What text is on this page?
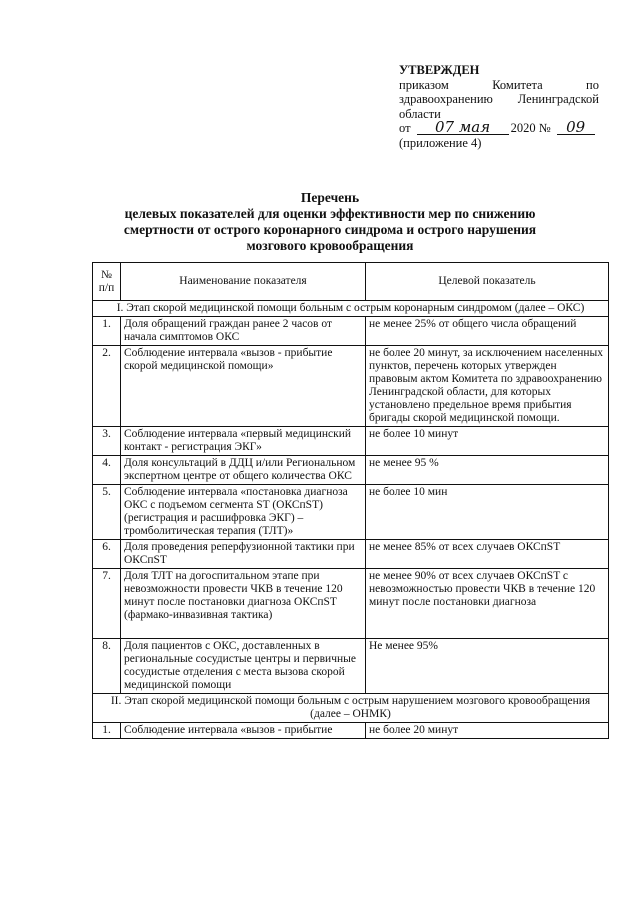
УТВЕРЖДЕН
приказом	Комитета	по
здравоохранению Ленинградской
области
от	07 мая	2020 №	09
(приложение 4)
Перечень
целевых показателей для оценки эффективности мер по снижению
смертности от острого коронарного синдрома и острого нарушения
мозгового кровообращения
№ п/п	Наименование показателя	Целевой показатель
I. Этап скорой медицинской помощи больным с острым коронарным синдромом (далее – ОКС)		
1.	Доля обращений граждан ранее 2 часов от начала симптомов ОКС	не менее 25% от общего числа обращений
2.	Соблюдение интервала «вызов - прибытие скорой медицинской помощи»	не более 20 минут, за исключением населенных пунктов, перечень которых утвержден правовым актом Комитета по здравоохранению Ленинградской области, для которых установлено предельное время прибытия бригады скорой медицинской помощи.
3.	Соблюдение интервала «первый медицинский контакт - регистрация ЭКГ»	не более 10 минут
4.	Доля консультаций в ДДЦ и/или Региональном экспертном центре от общего количества ОКС	не менее 95 %
5.	Соблюдение интервала «постановка диагноза ОКС с подъемом сегмента ST (ОКСпST) (регистрация и расшифровка ЭКГ) – тромболитическая терапия (ТЛТ)»	не более 10 мин
6.	Доля проведения реперфузионной тактики при ОКСпST	не менее 85% от всех случаев ОКСпST
7.	Доля ТЛТ на догоспитальном этапе при невозможности провести ЧКВ в течение 120 минут после постановки диагноза ОКСпST (фармако-инвазивная тактика)	не менее 90% от всех случаев ОКСпST с невозможностью провести ЧКВ в течение 120 минут после постановки диагноза
8.	Доля пациентов с ОКС, доставленных в региональные сосудистые центры и первичные сосудистые отделения с места вызова скорой медицинской помощи	Не менее 95%
II. Этап скорой медицинской помощи больным с острым нарушением мозгового кровообращения (далее – ОНМК)		
1.	Соблюдение интервала «вызов - прибытие	не более 20 минут
